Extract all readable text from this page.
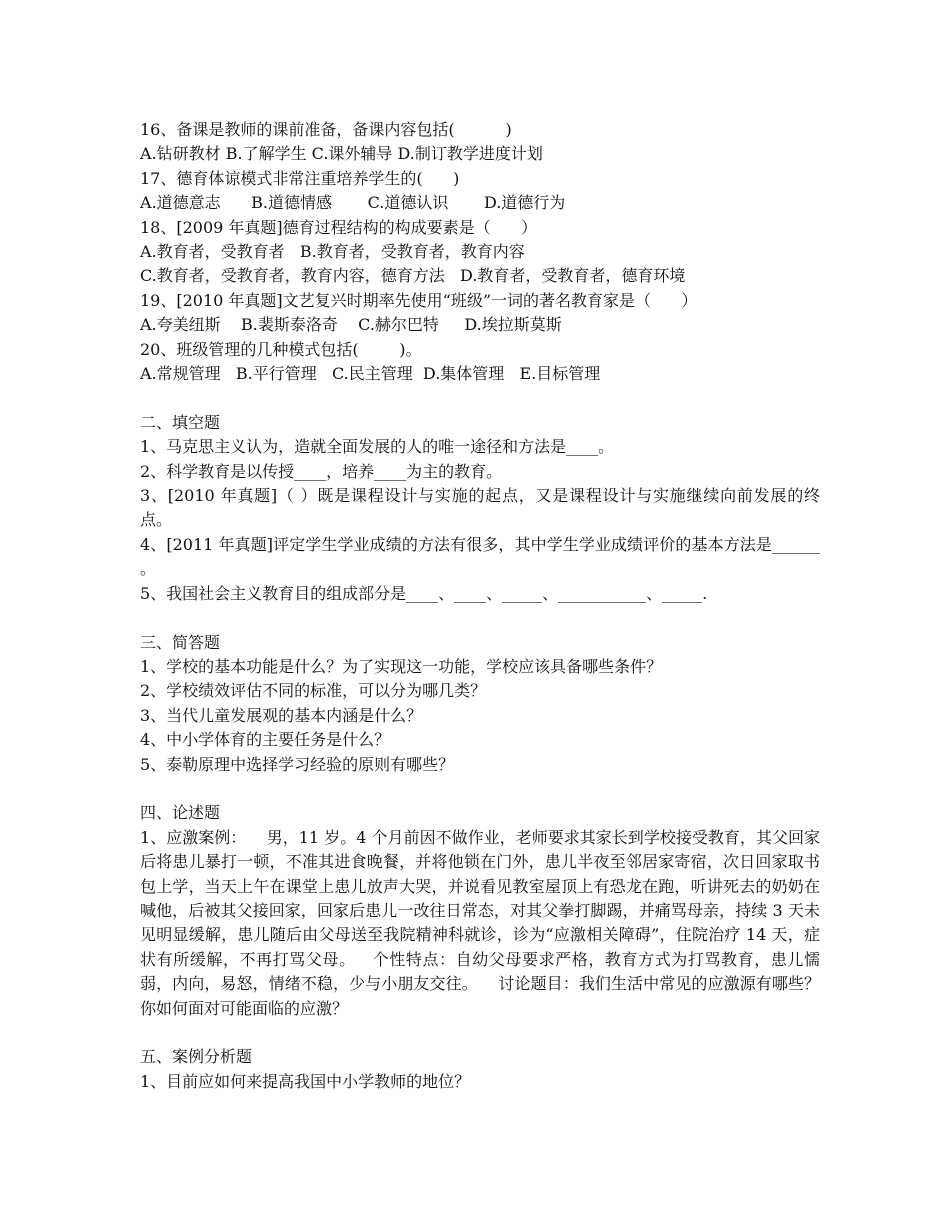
16、备课是教师的课前准备，备课内容包括(          )
A.钻研教材 B.了解学生 C.课外辅导 D.制订教学进度计划
17、德育体谅模式非常注重培养学生的(      )
A.道德意志      B.道德情感       C.道德认识       D.道德行为
18、[2009 年真题]德育过程结构的构成要素是（      ）
A.教育者，受教育者   B.教育者，受教育者，教育内容
C.教育者，受教育者，教育内容，德育方法   D.教育者，受教育者，德育环境
19、[2010 年真题]文艺复兴时期率先使用“班级”一词的著名教育家是（      ）
A.夸美纽斯    B.裴斯泰洛奇    C.赫尔巴特     D.埃拉斯莫斯
20、班级管理的几种模式包括(        )。
A.常规管理   B.平行管理   C.民主管理  D.集体管理   E.目标管理
二、填空题
1、马克思主义认为，造就全面发展的人的唯一途径和方法是____。
2、科学教育是以传授____，培养____为主的教育。
3、[2010 年真题]（ ）既是课程设计与实施的起点，又是课程设计与实施继续向前发展的终点。
4、[2011 年真题]评定学生学业成绩的方法有很多，其中学生学业成绩评价的基本方法是______ 。
5、我国社会主义教育目的组成部分是____、____、_____、___________、_____.
三、简答题
1、学校的基本功能是什么？为了实现这一功能，学校应该具备哪些条件？
2、学校绩效评估不同的标准，可以分为哪几类？
3、当代儿童发展观的基本内涵是什么？
4、中小学体育的主要任务是什么？
5、泰勒原理中选择学习经验的原则有哪些？
四、论述题
1、应激案例：    男，11 岁。4 个月前因不做作业，老师要求其家长到学校接受教育，其父回家后将患儿暴打一顿，不准其进食晚餐，并将他锁在门外，患儿半夜至邻居家寄宿，次日回家取书包上学，当天上午在课堂上患儿放声大哭，并说看见教室屋顶上有恐龙在跑，听讲死去的奶奶在喊他，后被其父接回家，回家后患儿一改往日常态，对其父拳打脚踢，并痛骂母亲，持续 3 天未见明显缓解，患儿随后由父母送至我院精神科就诊，诊为“应激相关障碍”，住院治疗 14 天，症状有所缓解，不再打骂父母。   个性特点：自幼父母要求严格，教育方式为打骂教育，患儿懦弱，内向，易怒，情绪不稳，少与小朋友交往。    讨论题目：我们生活中常见的应激源有哪些？你如何面对可能面临的应激？
五、案例分析题
1、目前应如何来提高我国中小学教师的地位？
